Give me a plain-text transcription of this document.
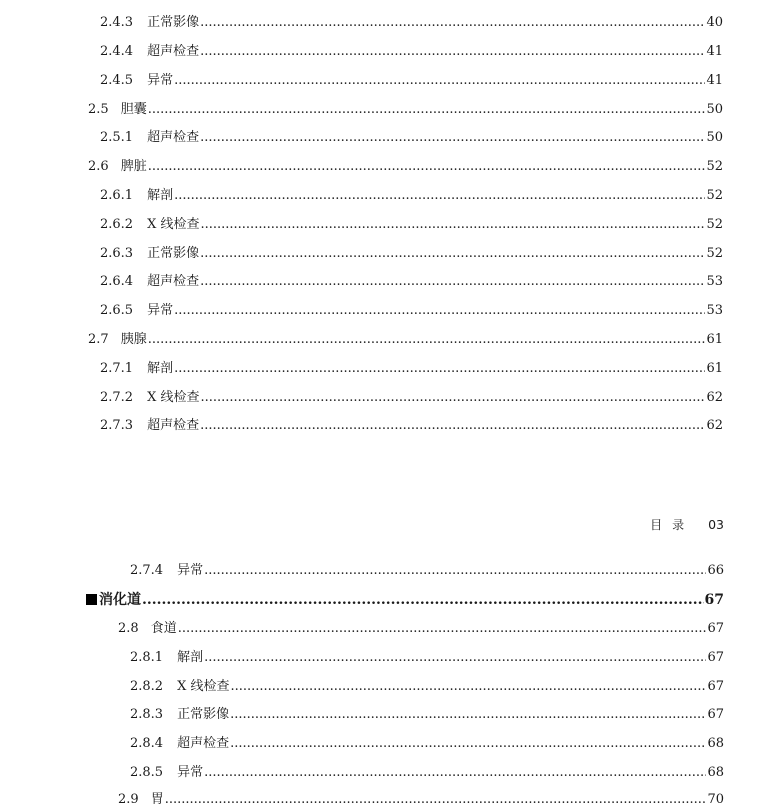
2.4.3 正常影像 .....	40
2.4.4 超声检查 .....	41
2.4.5 异常 .....	41
2.5 胆囊 .....	50
2.5.1 超声检查 .....	50
2.6 脾脏 .....	52
2.6.1 解剖 .....	52
2.6.2 X 线检查 .....	52
2.6.3 正常影像 .....	52
2.6.4 超声检查 .....	53
2.6.5 异常 .....	53
2.7 胰腺 .....	61
2.7.1 解剖 .....	61
2.7.2 X 线检查 .....	62
2.7.3 超声检查 .....	62
目录 03
2.7.4 异常 .....	66
消化道 .....	67
2.8 食道 .....	67
2.8.1 解剖 .....	67
2.8.2 X 线检查 .....	67
2.8.3 正常影像 .....	67
2.8.4 超声检查 .....	68
2.8.5 异常 .....	68
2.9 胃 .....	70
